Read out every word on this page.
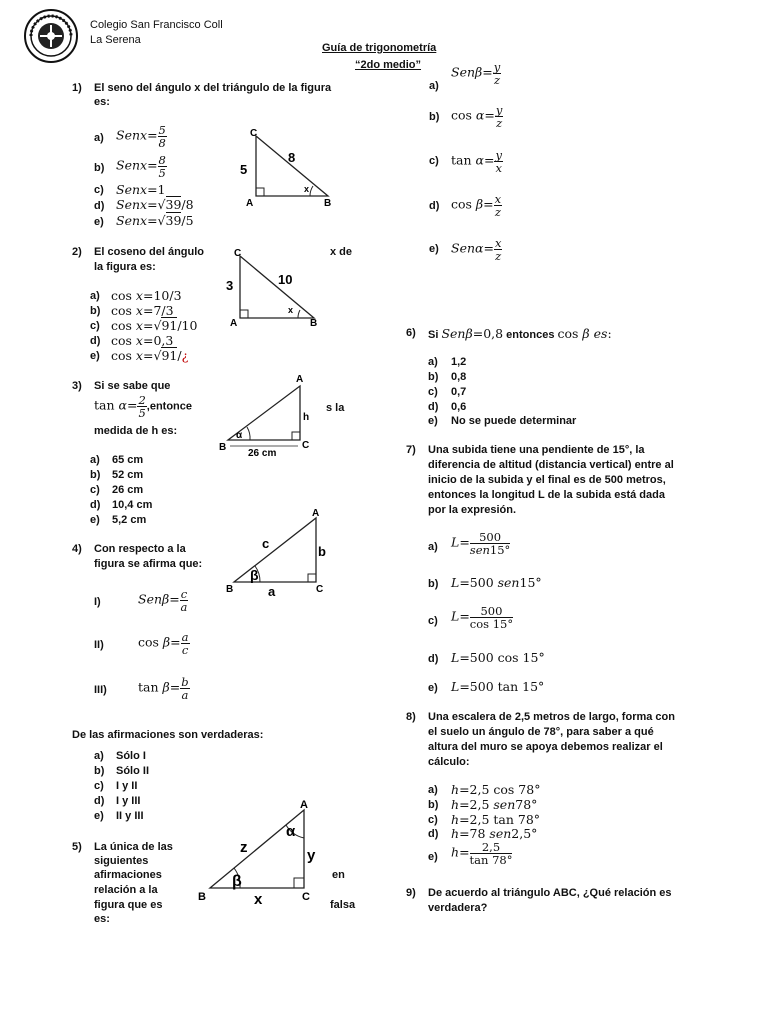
Colegio San Francisco Coll
La Serena
Guía de trigonometría
“2do medio”
1) El seno del ángulo x del triángulo de la figura
es:
a) Senx= $\frac{5}{8}$
b) Senx= $\frac{8}{5}$
c) Senx=1
d) Senx=√39/8
e) Senx=√39/5
C
A	B
5
8
x
2) El coseno del ángulo	x de
la figura es:
a) cos x=10/3
b) cos x=7/3
c) cos x=√91/10
d) cos x=0,3
e) cos x=√91/¿
C
A	B
3	10
x
3) Si se sabe que
$\tan \alpha= \frac{2}{5}$ ,entonce	s la
medida de h es:
a) 65 cm
b) 52 cm
c) 26 cm
d) 10,4 cm
e) 5,2 cm
A
B	C
h
26 cm
α
4) Con respecto a la
figura se afirma que:
I)	$Sen\beta= \frac{c}{a}$
II)	$\cos \beta= \frac{a}{c}$
III) $\tan \beta= \frac{b}{a}$
De las afirmaciones son verdaderas:
a) Sólo I
b) Sólo II
c) I y II
d) I y III
e) II y III
A
B	C
c
b
a
β
5) La única de las
siguientes
afirmaciones
relación a la
figura que es
es:
en
falsa
A
B	C
z	y
x
α
β
a)
$Sen\beta= \frac{y}{z}$
b) $\cos \alpha= \frac{y}{z}$
c) $\tan \alpha= \frac{y}{x}$
d) $\cos \beta= \frac{x}{z}$
e) $Sen\alpha= \frac{x}{z}$
6) Si Senβ=0,8 entonces cos β es:
a) 1,2
b) 0,8
c) 0,7
d) 0,6
e) No se puede determinar
7) Una subida tiene una pendiente de 15°, la
diferencia de altitud (distancia vertical) entre al
inicio de la subida y el final es de 500 metros,
entonces la longitud L de la subida está dada
por la expresión.
a) $L= \frac{500}{\text{sen15°}}$
b) L=500 sen15°
c) $L= \frac{500}{\cos 15^\circ}$
d) L=500 cos 15°
e) L=500 tan 15°
8) Una escalera de 2,5 metros de largo, forma con
el suelo un ángulo de 78°, para saber a qué
altura del muro se apoya debemos realizar el
cálculo:
a) h=2,5 cos 78°
b) h=2,5 sen78°
c) h=2,5 tan 78°
d) h=78 sen2,5°
e) $h= \frac{2,5}{\tan 78^\circ}$
9) De acuerdo al triángulo ABC, ¿Qué relación es
verdadera?
